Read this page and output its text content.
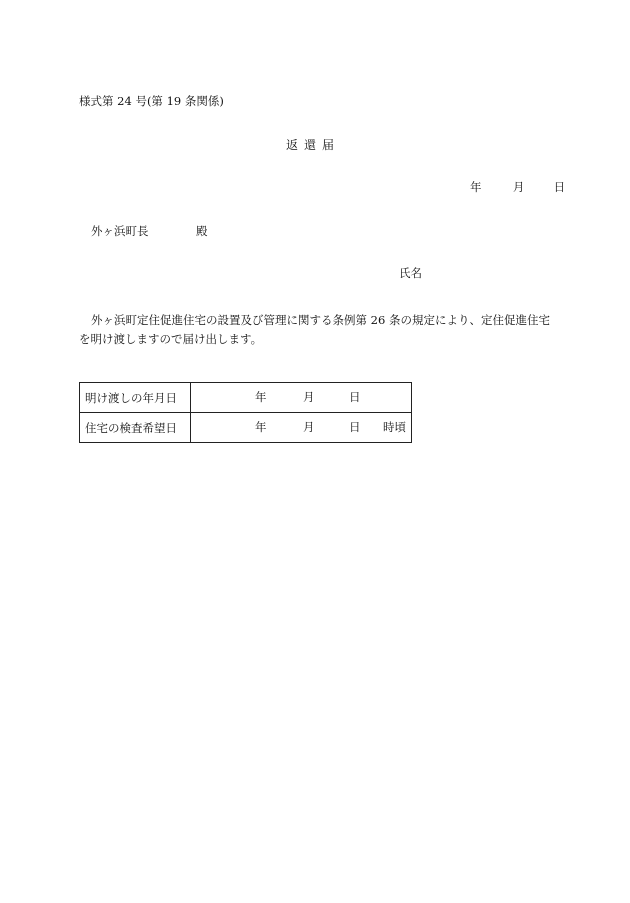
様式第 24 号(第 19 条関係)
返還届
年	月	日
外ヶ浜町長	殿
氏名
外ヶ浜町定住促進住宅の設置及び管理に関する条例第 26 条の規定により、定住促進住宅を明け渡しますので届け出します。
明け渡しの年月日	年 月 日

住宅の検査希望日	年 月 日 時頃
